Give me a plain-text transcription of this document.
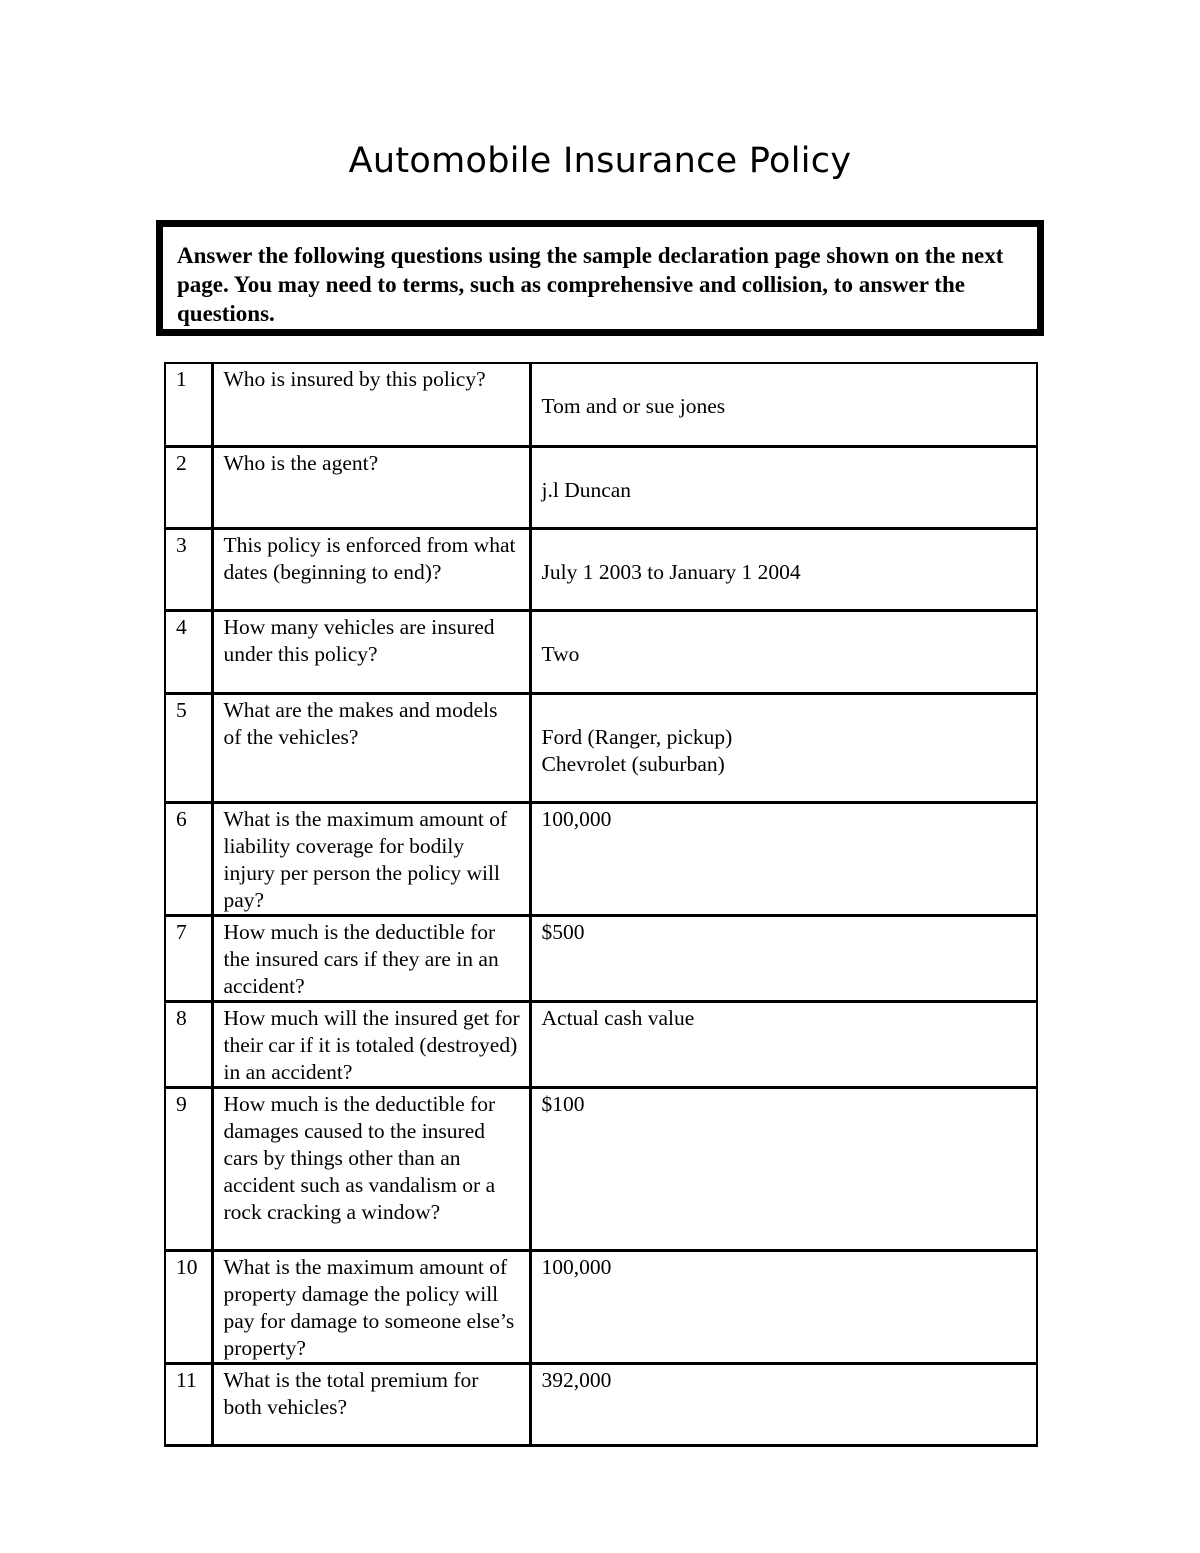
Automobile Insurance Policy
Answer the following questions using the sample declaration page shown on the next page. You may need to terms, such as comprehensive and collision, to answer the questions.
1	Who is insured by this policy?	Tom and or sue jones
2	Who is the agent?	j.l Duncan
3	This policy is enforced from what dates (beginning to end)?	July 1 2003 to January 1 2004
4	How many vehicles are insured under this policy?	Two
5	What are the makes and models of the vehicles?	Ford (Ranger, pickup)
Chevrolet (suburban)
6	What is the maximum amount of liability coverage for bodily injury per person the policy will pay?	100,000
7	How much is the deductible for the insured cars if they are in an accident?	$500
8	How much will the insured get for their car if it is totaled (destroyed) in an accident?	Actual cash value
9	How much is the deductible for damages caused to the insured cars by things other than an accident such as vandalism or a rock cracking a window?	$100
10	What is the maximum amount of property damage the policy will pay for damage to someone else’s property?	100,000
11	What is the total premium for both vehicles?	392,000
